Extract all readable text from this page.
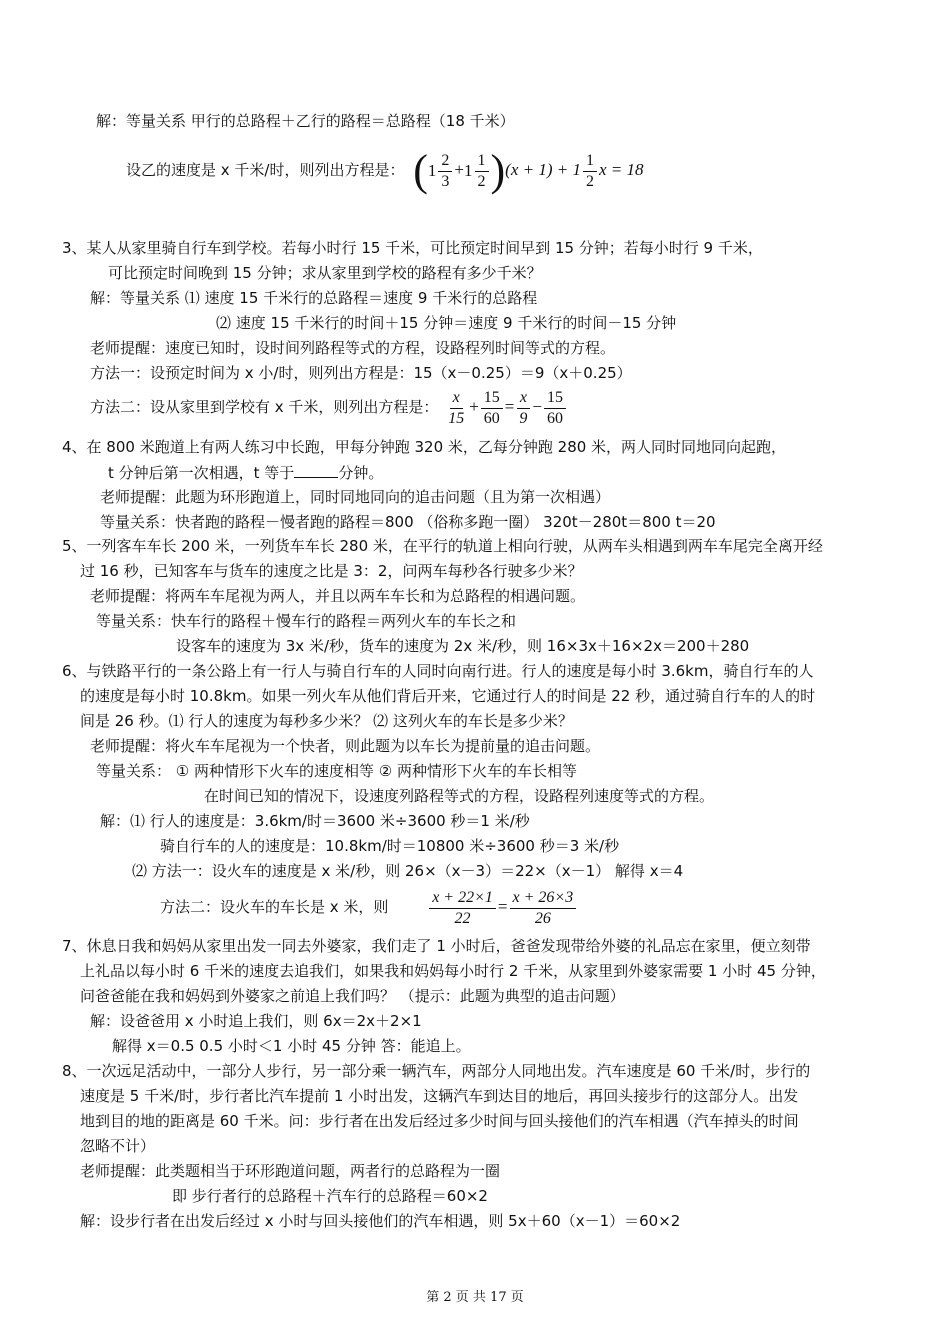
解：等量关系 甲行的总路程＋乙行的路程＝总路程（18 千米）
设乙的速度是 x 千米/时，则列出方程是： ( $1 \frac{2}{3} + 1 \frac{1}{2} )(x + 1) + 1 \frac{1}{2}$ x = 18
3、某人从家里骑自行车到学校。若每小时行 15 千米，可比预定时间早到 15 分钟；若每小时行 9 千米，
可比预定时间晚到 15 分钟；求从家里到学校的路程有多少千米？
解：等量关系 ⑴ 速度 15 千米行的总路程＝速度 9 千米行的总路程
⑵ 速度 15 千米行的时间＋15 分钟＝速度 9 千米行的时间－15 分钟
老师提醒：速度已知时，设时间列路程等式的方程，设路程列时间等式的方程。
方法一：设预定时间为 x 小/时，则列出方程是：15（x－0.25）＝9（x＋0.25）
方法二：设从家里到学校有 x 千米，则列出方程是： $\frac{x}{15} + \frac{15}{60} = \frac{x}{9} - \frac{15}{60}$
4、在 800 米跑道上有两人练习中长跑，甲每分钟跑 320 米，乙每分钟跑 280 米，两人同时同地同向起跑，
t 分钟后第一次相遇，t 等于	分钟。
老师提醒：此题为环形跑道上，同时同地同向的追击问题（且为第一次相遇）
等量关系：快者跑的路程－慢者跑的路程＝800 （俗称多跑一圈） 320t－280t＝800 t＝20
5、一列客车车长 200 米，一列货车车长 280 米，在平行的轨道上相向行驶，从两车头相遇到两车车尾完全离开经
过 16 秒，已知客车与货车的速度之比是 3：2，问两车每秒各行驶多少米？
老师提醒：将两车车尾视为两人，并且以两车车长和为总路程的相遇问题。
等量关系：快车行的路程＋慢车行的路程＝两列火车的车长之和
设客车的速度为 3x 米/秒，货车的速度为 2x 米/秒，则 16×3x＋16×2x＝200＋280
6、与铁路平行的一条公路上有一行人与骑自行车的人同时向南行进。行人的速度是每小时 3.6km，骑自行车的人
的速度是每小时 10.8km。如果一列火车从他们背后开来，它通过行人的时间是 22 秒，通过骑自行车的人的时
间是 26 秒。⑴ 行人的速度为每秒多少米？ ⑵ 这列火车的车长是多少米？
老师提醒：将火车车尾视为一个快者，则此题为以车长为提前量的追击问题。
等量关系： ① 两种情形下火车的速度相等 ② 两种情形下火车的车长相等
在时间已知的情况下，设速度列路程等式的方程，设路程列速度等式的方程。
解：⑴ 行人的速度是：3.6km/时＝3600 米÷3600 秒＝1 米/秒
骑自行车的人的速度是：10.8km/时＝10800 米÷3600 秒＝3 米/秒
⑵ 方法一：设火车的速度是 x 米/秒，则 26×（x－3）＝22×（x－1） 解得 x＝4
方法二：设火车的车长是 x 米，则	$\frac{x + 22\times 1}{22} = \frac{x + 26\times 3}{26}$
7、休息日我和妈妈从家里出发一同去外婆家，我们走了 1 小时后，爸爸发现带给外婆的礼品忘在家里，便立刻带
上礼品以每小时 6 千米的速度去追我们，如果我和妈妈每小时行 2 千米，从家里到外婆家需要 1 小时 45 分钟，
问爸爸能在我和妈妈到外婆家之前追上我们吗？ （提示：此题为典型的追击问题）
解：设爸爸用 x 小时追上我们，则 6x＝2x＋2×1
解得 x＝0.5 0.5 小时＜1 小时 45 分钟 答：能追上。
8、一次远足活动中，一部分人步行，另一部分乘一辆汽车，两部分人同地出发。汽车速度是 60 千米/时，步行的
速度是 5 千米/时，步行者比汽车提前 1 小时出发，这辆汽车到达目的地后，再回头接步行的这部分人。出发
地到目的地的距离是 60 千米。问：步行者在出发后经过多少时间与回头接他们的汽车相遇（汽车掉头的时间
忽略不计）
老师提醒：此类题相当于环形跑道问题，两者行的总路程为一圈
即 步行者行的总路程＋汽车行的总路程＝60×2
解：设步行者在出发后经过 x 小时与回头接他们的汽车相遇，则 5x＋60（x－1）＝60×2
第 2 页 共 17 页
